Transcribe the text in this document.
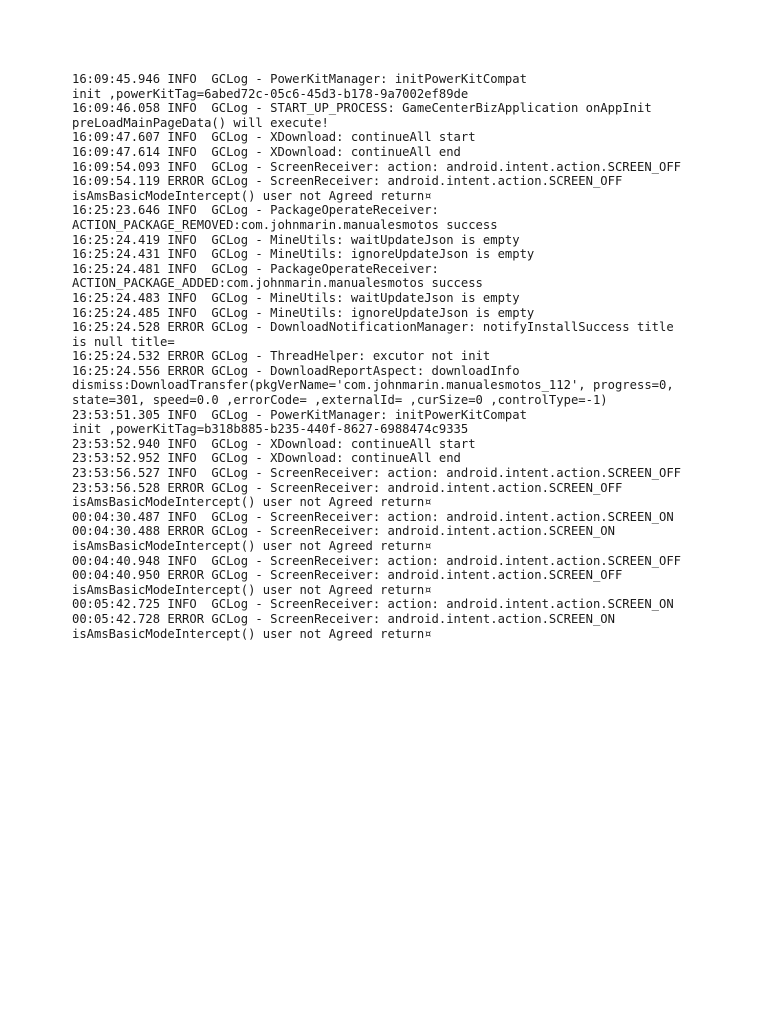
16:09:45.946 INFO  GCLog - PowerKitManager: initPowerKitCompat
init ,powerKitTag=6abed72c-05c6-45d3-b178-9a7002ef89de
16:09:46.058 INFO  GCLog - START_UP_PROCESS: GameCenterBizApplication onAppInit
preLoadMainPageData() will execute!
16:09:47.607 INFO  GCLog - XDownload: continueAll start
16:09:47.614 INFO  GCLog - XDownload: continueAll end
16:09:54.093 INFO  GCLog - ScreenReceiver: action: android.intent.action.SCREEN_OFF
16:09:54.119 ERROR GCLog - ScreenReceiver: android.intent.action.SCREEN_OFF
isAmsBasicModeIntercept() user not Agreed return¤
16:25:23.646 INFO  GCLog - PackageOperateReceiver:
ACTION_PACKAGE_REMOVED:com.johnmarin.manualesmotos success
16:25:24.419 INFO  GCLog - MineUtils: waitUpdateJson is empty
16:25:24.431 INFO  GCLog - MineUtils: ignoreUpdateJson is empty
16:25:24.481 INFO  GCLog - PackageOperateReceiver:
ACTION_PACKAGE_ADDED:com.johnmarin.manualesmotos success
16:25:24.483 INFO  GCLog - MineUtils: waitUpdateJson is empty
16:25:24.485 INFO  GCLog - MineUtils: ignoreUpdateJson is empty
16:25:24.528 ERROR GCLog - DownloadNotificationManager: notifyInstallSuccess title
is null title=
16:25:24.532 ERROR GCLog - ThreadHelper: excutor not init
16:25:24.556 ERROR GCLog - DownloadReportAspect: downloadInfo
dismiss:DownloadTransfer(pkgVerName='com.johnmarin.manualesmotos_112', progress=0,
state=301, speed=0.0 ,errorCode= ,externalId= ,curSize=0 ,controlType=-1)
23:53:51.305 INFO  GCLog - PowerKitManager: initPowerKitCompat
init ,powerKitTag=b318b885-b235-440f-8627-6988474c9335
23:53:52.940 INFO  GCLog - XDownload: continueAll start
23:53:52.952 INFO  GCLog - XDownload: continueAll end
23:53:56.527 INFO  GCLog - ScreenReceiver: action: android.intent.action.SCREEN_OFF
23:53:56.528 ERROR GCLog - ScreenReceiver: android.intent.action.SCREEN_OFF
isAmsBasicModeIntercept() user not Agreed return¤
00:04:30.487 INFO  GCLog - ScreenReceiver: action: android.intent.action.SCREEN_ON
00:04:30.488 ERROR GCLog - ScreenReceiver: android.intent.action.SCREEN_ON
isAmsBasicModeIntercept() user not Agreed return¤
00:04:40.948 INFO  GCLog - ScreenReceiver: action: android.intent.action.SCREEN_OFF
00:04:40.950 ERROR GCLog - ScreenReceiver: android.intent.action.SCREEN_OFF
isAmsBasicModeIntercept() user not Agreed return¤
00:05:42.725 INFO  GCLog - ScreenReceiver: action: android.intent.action.SCREEN_ON
00:05:42.728 ERROR GCLog - ScreenReceiver: android.intent.action.SCREEN_ON
isAmsBasicModeIntercept() user not Agreed return¤
